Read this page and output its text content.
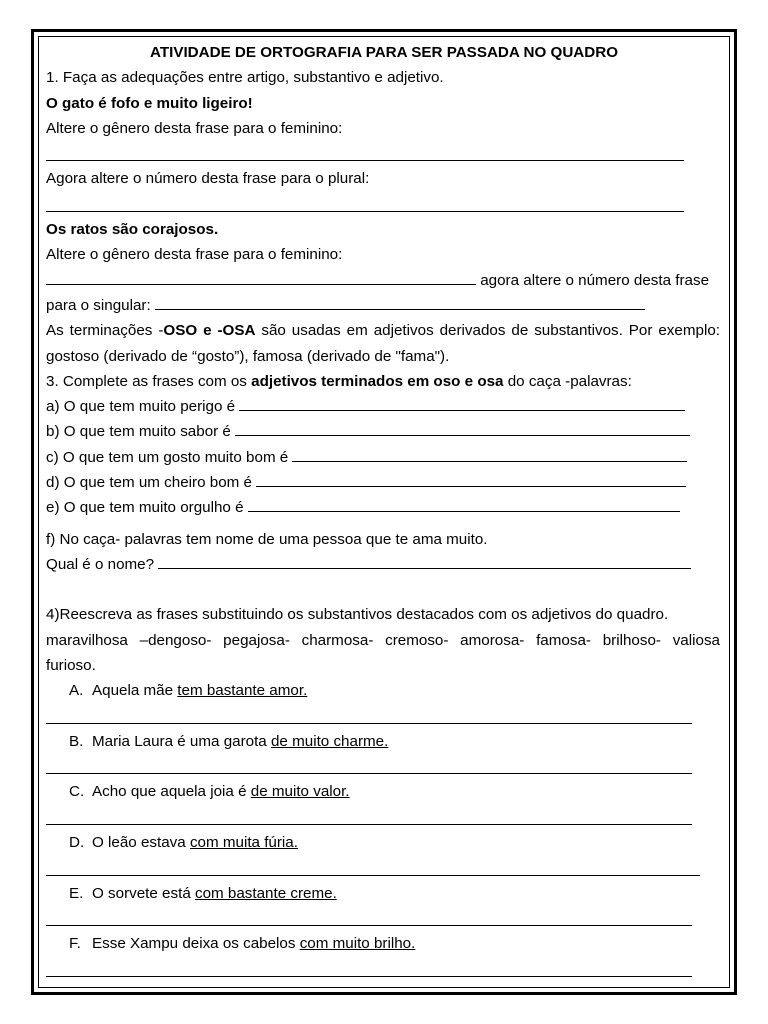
ATIVIDADE DE ORTOGRAFIA PARA SER PASSADA NO QUADRO
1. Faça as adequações entre artigo, substantivo e adjetivo.
O gato é fofo e muito ligeiro!
Altere o gênero desta frase para o feminino:
Agora altere o número desta frase para o plural:
Os ratos são corajosos.
Altere o gênero desta frase para o feminino:
agora altere o número desta frase
para o singular:
As terminações -OSO e -OSA são usadas em adjetivos derivados de substantivos. Por exemplo:
gostoso (derivado de “gosto”), famosa (derivado de "fama").
3. Complete as frases com os adjetivos terminados em oso e osa do caça -palavras:
a) O que tem muito perigo é
b) O que tem muito sabor é
c) O que tem um gosto muito bom é
d) O que tem um cheiro bom é
e) O que tem muito orgulho é
f) No caça- palavras tem nome de uma pessoa que te ama muito.
Qual é o nome?
4)Reescreva as frases substituindo os substantivos destacados com os adjetivos do quadro.
maravilhosa –dengoso- pegajosa- charmosa- cremoso- amorosa- famosa- brilhoso- valiosa
furioso.
A. Aquela mãe tem bastante amor.
B. Maria Laura é uma garota de muito charme.
C. Acho que aquela joia é de muito valor.
D. O leão estava com muita fúria.
E. O sorvete está com bastante creme.
F. Esse Xampu deixa os cabelos com muito brilho.
